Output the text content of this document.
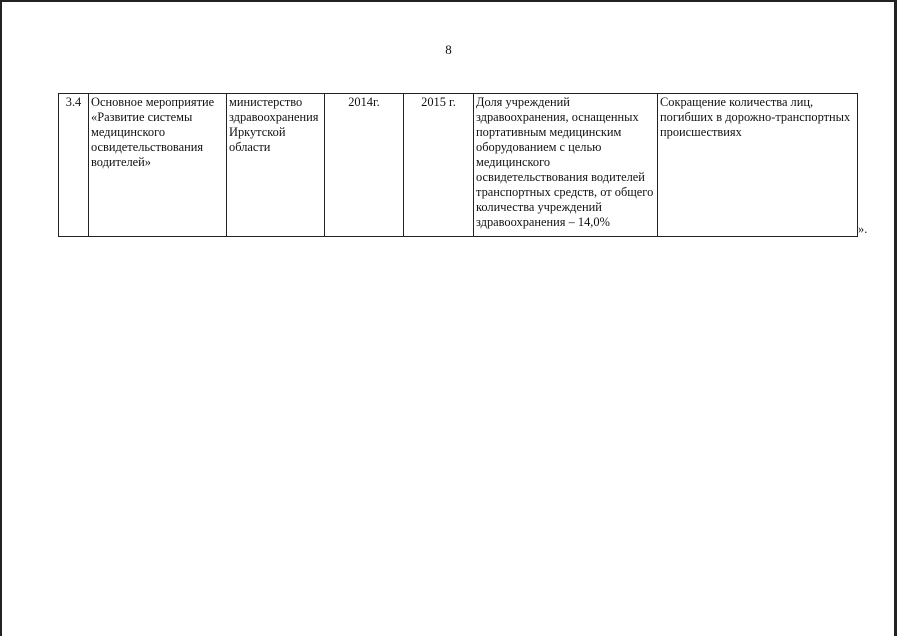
8
3.4	Основное мероприятие «Развитие системы медицинского освидетельствования водителей»	министерство здравоохранения Иркутской области	2014г.	2015 г.	Доля учреждений здравоохранения, оснащенных портативным медицинским оборудованием с целью медицинского освидетельствования водителей транспортных средств, от общего количества учреждений здравоохранения – 14,0%	Сокращение количества лиц, погибших в дорожно-транспортных происшествиях
».
